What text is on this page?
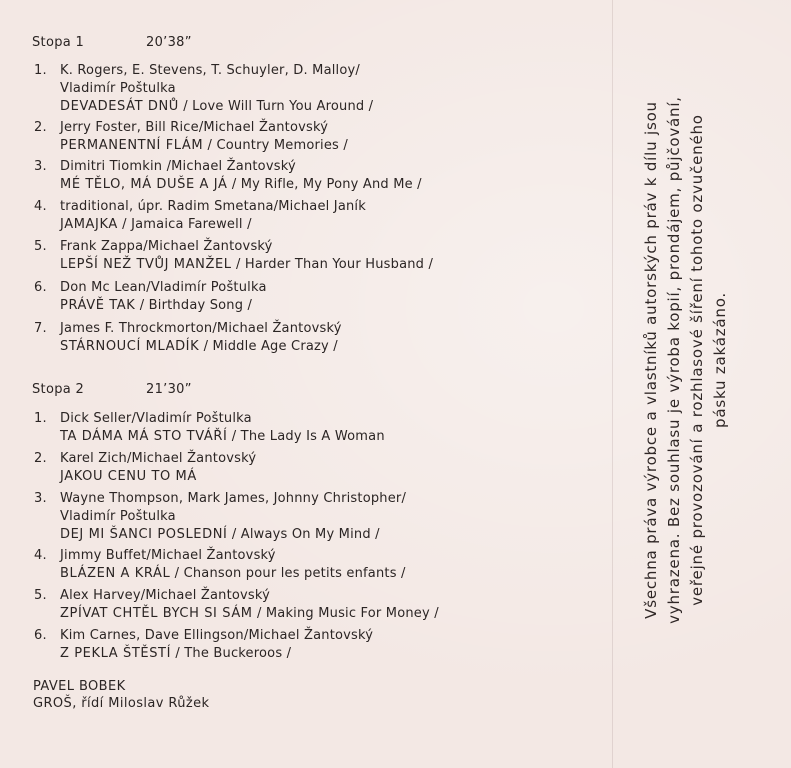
Stopa 1	20’38”
1.	K. Rogers, E. Stevens, T. Schuyler, D. Malloy/
Vladimír Poštulka
DEVADESÁT DNŮ / Love Will Turn You Around /
2.	Jerry Foster, Bill Rice/Michael Žantovský
PERMANENTNÍ FLÁM / Country Memories /
3.	Dimitri Tiomkin /Michael Žantovský
MÉ TĚLO, MÁ DUŠE A JÁ / My Rifle, My Pony And Me /
4.	traditional, úpr. Radim Smetana/Michael Janík
JAMAJKA / Jamaica Farewell /
5.	Frank Zappa/Michael Žantovský
LEPŠÍ NEŽ TVŮJ MANŽEL / Harder Than Your Husband /
6.	Don Mc Lean/Vladimír Poštulka
PRÁVĚ TAK / Birthday Song /
7.	James F. Throckmorton/Michael Žantovský
STÁRNOUCÍ MLADÍK / Middle Age Crazy /
Stopa 2	21’30”
1.	Dick Seller/Vladimír Poštulka
TA DÁMA MÁ STO TVÁŘÍ / The Lady Is A Woman
2.	Karel Zich/Michael Žantovský
JAKOU CENU TO MÁ
3.	Wayne Thompson, Mark James, Johnny Christopher/
Vladimír Poštulka
DEJ MI ŠANCI POSLEDNÍ / Always On My Mind /
4.	Jimmy Buffet/Michael Žantovský
BLÁZEN A KRÁL / Chanson pour les petits enfants /
5.	Alex Harvey/Michael Žantovský
ZPÍVAT CHTĚL BYCH SI SÁM / Making Music For Money /
6.	Kim Carnes, Dave Ellingson/Michael Žantovský
Z PEKLA ŠTĚSTÍ / The Buckeroos /
PAVEL BOBEK
GROŠ, řídí Miloslav Růžek
Všechna práva výrobce a vlastníků autorských práv k dílu jsou vyhrazena. Bez souhlasu je výroba kopií, prondájem, půjčování, veřejné provozování a rozhlasové šíření tohoto ozvučeného pásku zakázáno.
